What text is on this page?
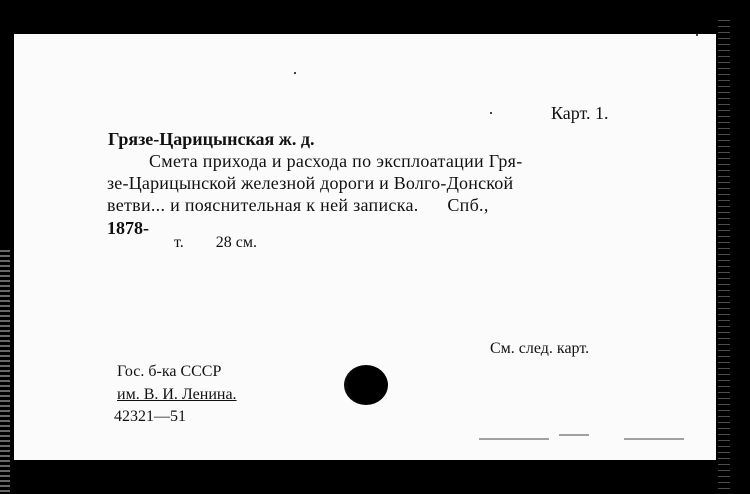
Карт. 1.
Грязе-Царицынская ж. д.
Смета прихода и расхода по эксплоатации Гря-
зе-Царицынской железной дороги и Волго-Донской
ветви... и пояснительная к ней записка.      Спб.,
1878-
т.        28 см.
См. след. карт.
Гос. б-ка СССР
им. В. И. Ленина.
42321—51
